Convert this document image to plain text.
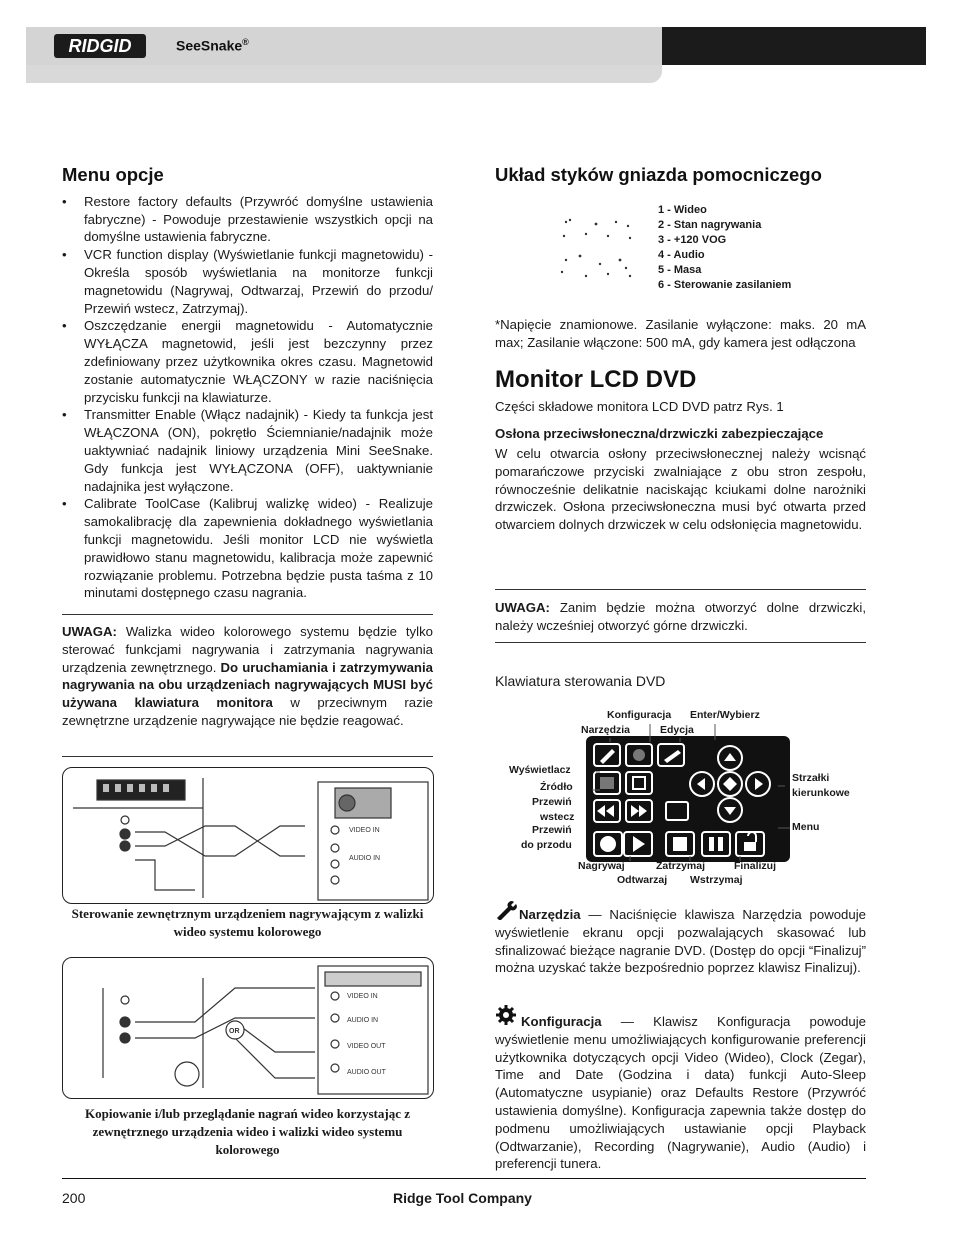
RIDGID	SeeSnake®
Menu opcje
• Restore factory defaults (Przywróć domyślne ustawienia fabryczne) - Powoduje przestawienie wszystkich opcji na domyślne ustawienia fabryczne.
• VCR function display (Wyświetlanie funkcji magnetowidu) - Określa sposób wyświetlania na monitorze funkcji magnetowidu (Nagrywaj, Odtwarzaj, Przewiń do przodu/ Przewiń wstecz, Zatrzymaj).
• Oszczędzanie energii magnetowidu - Automatycznie WYŁĄCZA magnetowid, jeśli jest bezczynny przez zdefiniowany przez użytkownika okres czasu. Magnetowid zostanie automatycznie WŁĄCZONY w razie naciśnięcia przycisku funkcji na klawiaturze.
• Transmitter Enable (Włącz nadajnik) - Kiedy ta funkcja jest WŁĄCZONA (ON), pokrętło Ściemnianie/nadajnik może uaktywniać nadajnik liniowy urządzenia Mini SeeSnake. Gdy funkcja jest WYŁĄCZONA (OFF), uaktywnianie nadajnika jest wyłączone.
• Calibrate ToolCase (Kalibruj walizkę wideo) - Realizuje samokalibrację dla zapewnienia dokładnego wyświetlania funkcji magnetowidu. Jeśli monitor LCD nie wyświetla prawidłowo stanu magnetowidu, kalibracja może zapewnić rozwiązanie problemu. Potrzebna będzie pusta taśma z 10 minutami dostępnego czasu nagrania.

UWAGA: Walizka wideo kolorowego systemu będzie tylko sterować funkcjami nagrywania i zatrzymania nagrywania urządzenia zewnętrznego. Do uruchamiania i zatrzymywania nagrywania na obu urządzeniach nagrywających MUSI być używana klawiatura monitora w przeciwnym razie zewnętrzne urządzenie nagrywające nie będzie reagować.

VIDEO IN
AUDIO IN
Sterowanie zewnętrznym urządzeniem nagrywającym z walizki wideo systemu kolorowego
OR
VIDEO IN
AUDIO IN
VIDEO OUT
AUDIO OUT
Kopiowanie i/lub przeglądanie nagrań wideo korzystając z zewnętrznego urządzenia wideo i walizki wideo systemu kolorowego
Układ styków gniazda pomocniczego
1 - Wideo
2 - Stan nagrywania
3 - +120 VOG
4 - Audio
5 - Masa
6 - Sterowanie zasilaniem

*Napięcie znamionowe. Zasilanie wyłączone: maks. 20 mA max; Zasilanie włączone: 500 mA, gdy kamera jest odłączona

Monitor LCD DVD

Części składowe monitora LCD DVD patrz Rys. 1

Osłona przeciwsłoneczna/drzwiczki zabezpieczające

W celu otwarcia osłony przeciwsłonecznej należy wcisnąć pomarańczowe przyciski zwalniające z obu stron zespołu, równocześnie delikatnie naciskając kciukami dolne narożniki drzwiczek. Osłona przeciwsłoneczna musi być otwarta przed otwarciem dolnych drzwiczek w celu odsłonięcia magnetowidu.

UWAGA: Zanim będzie można otworzyć dolne drzwiczki, należy wcześniej otworzyć górne drzwiczki.

Klawiatura sterowania DVD
Konfiguracja Enter/Wybierz
Narzędzia	Edycja
Wyświetlacz
Źródło
Przewiń
wstecz
Przewiń
do przodu
Strzałki
kierunkowe
Menu
Nagrywaj	Zatrzymaj	Finalizuj
Odtwarzaj Wstrzymaj

Narzędzia — Naciśnięcie klawisza Narzędzia powoduje wyświetlenie ekranu opcji pozwalających skasować lub sfinalizować bieżące nagranie DVD. (Dostęp do opcji “Finalizuj” można uzyskać także bezpośrednio poprzez klawisz Finalizuj).

Konfiguracja — Klawisz Konfiguracja powoduje wyświetlenie menu umożliwiających konfigurowanie preferencji użytkownika dotyczących opcji Video (Wideo), Clock (Zegar), Time and Date (Godzina i data) funkcji Auto-Sleep (Automatyczne usypianie) oraz Defaults Restore (Przywróć ustawienia domyślne). Konfiguracja zapewnia także dostęp do podmenu umożliwiających ustawianie opcji Playback (Odtwarzanie), Recording (Nagrywanie), Audio (Audio) i preferencji tunera.

200	Ridge Tool Company
